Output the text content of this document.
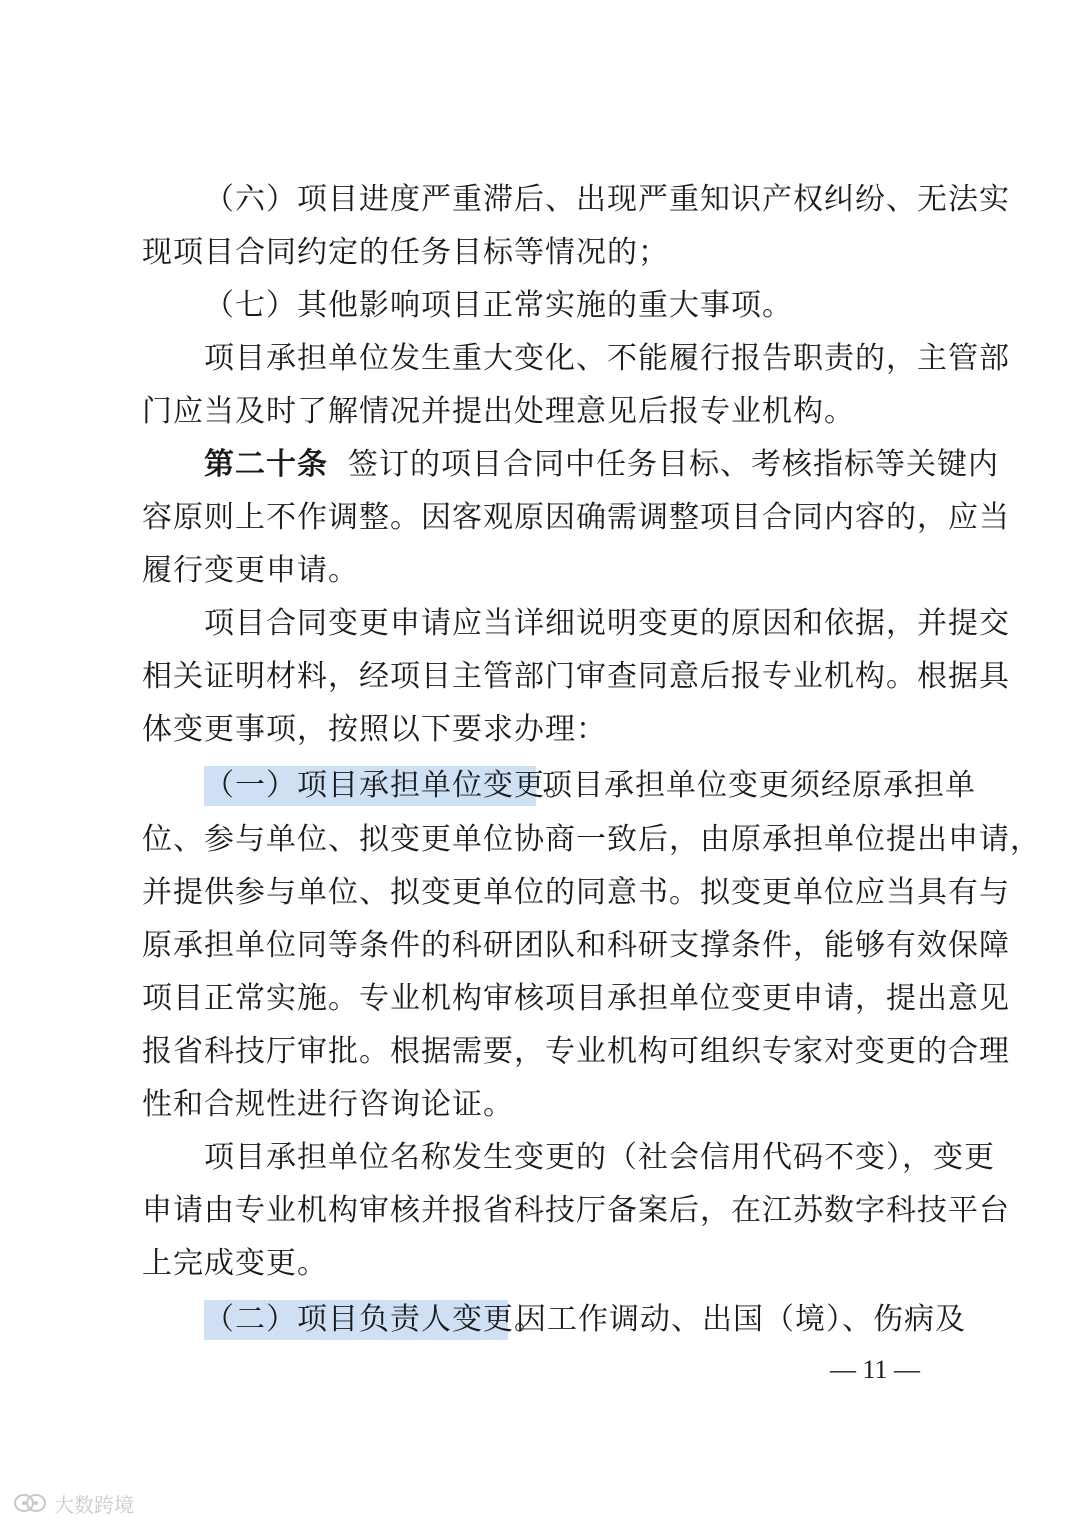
（六）项目进度严重滞后、出现严重知识产权纠纷、无法实
现项目合同约定的任务目标等情况的；
（七）其他影响项目正常实施的重大事项。
项目承担单位发生重大变化、不能履行报告职责的，主管部
门应当及时了解情况并提出处理意见后报专业机构。
第二十条 签订的项目合同中任务目标、考核指标等关键内
容原则上不作调整。因客观原因确需调整项目合同内容的，应当
履行变更申请。
项目合同变更申请应当详细说明变更的原因和依据，并提交
相关证明材料，经项目主管部门审查同意后报专业机构。根据具
体变更事项，按照以下要求办理：
（一）项目承担单位变更。
项目承担单位变更须经原承担单
位、参与单位、拟变更单位协商一致后，由原承担单位提出申请，
并提供参与单位、拟变更单位的同意书。拟变更单位应当具有与
原承担单位同等条件的科研团队和科研支撑条件，能够有效保障
项目正常实施。专业机构审核项目承担单位变更申请，提出意见
报省科技厅审批。根据需要，专业机构可组织专家对变更的合理
性和合规性进行咨询论证。
项目承担单位名称发生变更的（社会信用代码不变），变更
申请由专业机构审核并报省科技厅备案后，在江苏数字科技平台
上完成变更。
（二）项目负责人变更。
因工作调动、出国（境）、伤病及
— 11 —
大数跨境
